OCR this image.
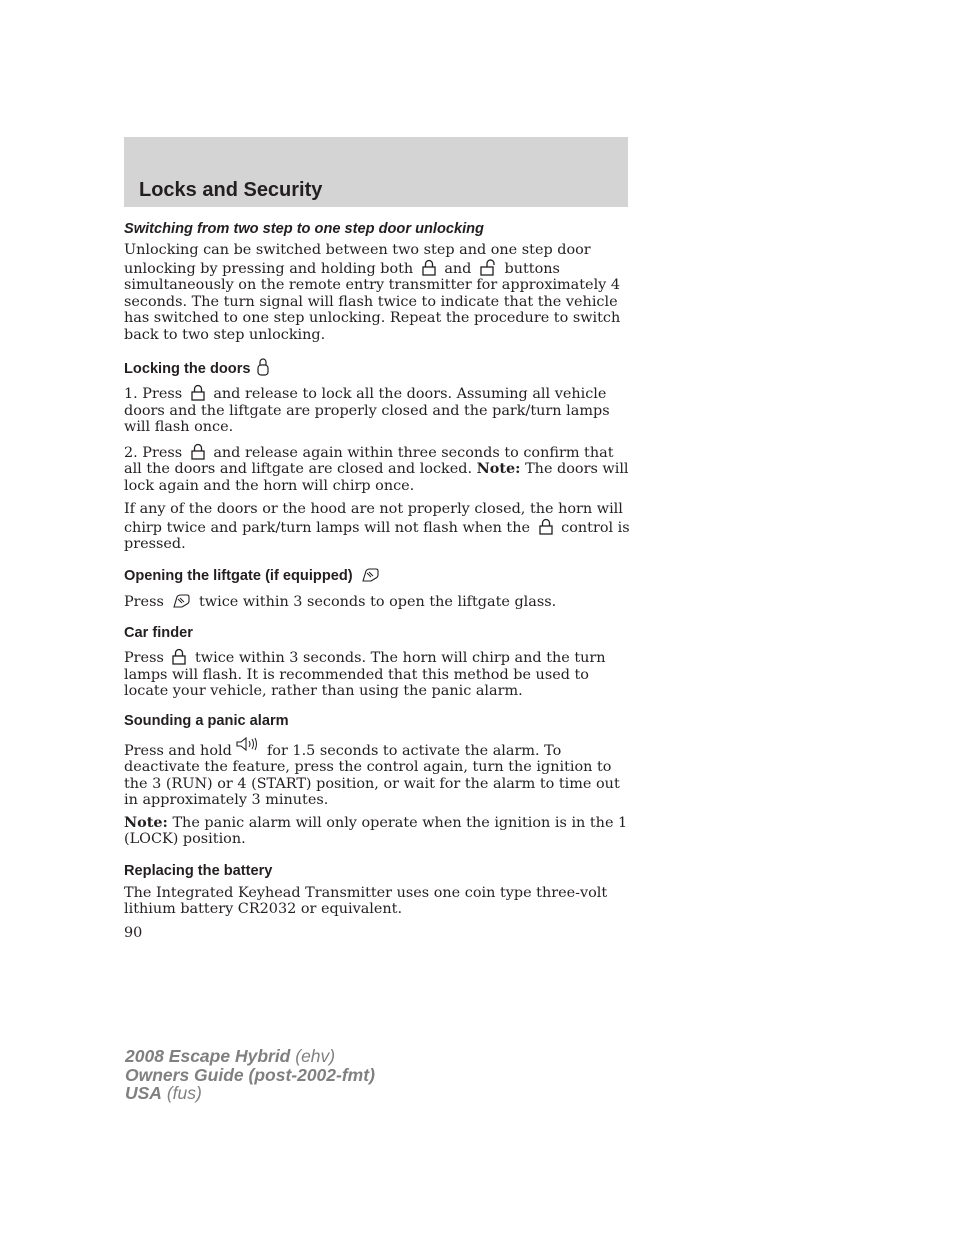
Locks and Security
Switching from two step to one step door unlocking

Unlocking can be switched between two step and one step door unlocking by pressing and holding both and buttons simultaneously on the remote entry transmitter for approximately 4 seconds. The turn signal will flash twice to indicate that the vehicle has switched to one step unlocking. Repeat the procedure to switch back to two step unlocking.

Locking the doors

1. Press and release to lock all the doors. Assuming all vehicle doors and the liftgate are properly closed and the park/turn lamps will flash once.

2. Press and release again within three seconds to confirm that all the doors and liftgate are closed and locked. Note: The doors will lock again and the horn will chirp once.

If any of the doors or the hood are not properly closed, the horn will chirp twice and park/turn lamps will not flash when the control is pressed.

Opening the liftgate (if equipped)

Press twice within 3 seconds to open the liftgate glass.

Car finder

Press twice within 3 seconds. The horn will chirp and the turn lamps will flash. It is recommended that this method be used to locate your vehicle, rather than using the panic alarm.

Sounding a panic alarm

Press and hold for 1.5 seconds to activate the alarm. To deactivate the feature, press the control again, turn the ignition to the 3 (RUN) or 4 (START) position, or wait for the alarm to time out in approximately 3 minutes.

Note: The panic alarm will only operate when the ignition is in the 1 (LOCK) position.

Replacing the battery

The Integrated Keyhead Transmitter uses one coin type three-volt lithium battery CR2032 or equivalent.

90

2008 Escape Hybrid (ehv)
Owners Guide (post-2002-fmt)
USA (fus)
